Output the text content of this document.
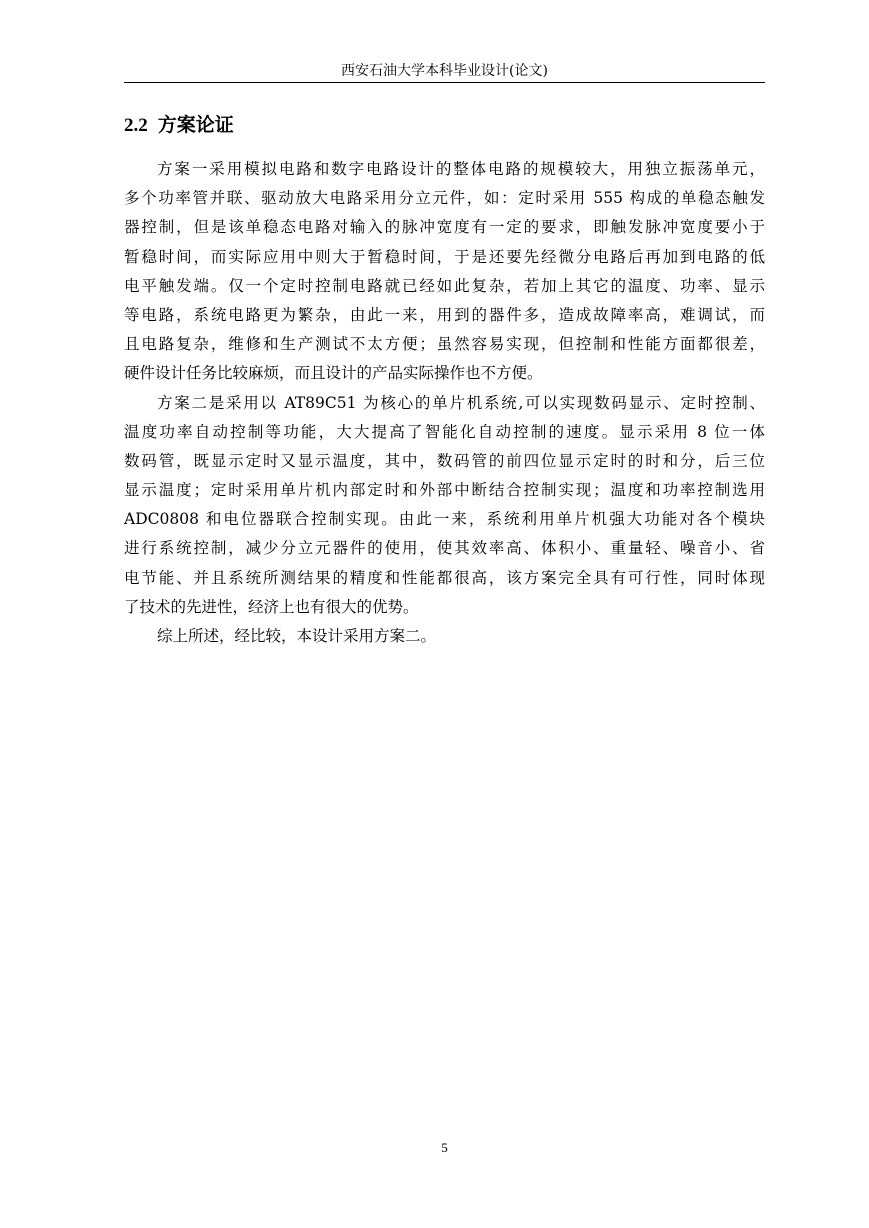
西安石油大学本科毕业设计(论文)
2.2 方案论证
方案一采用模拟电路和数字电路设计的整体电路的规模较大，用独立振荡单元，
多个功率管并联、驱动放大电路采用分立元件，如：定时采用 555 构成的单稳态触发
器控制，但是该单稳态电路对输入的脉冲宽度有一定的要求，即触发脉冲宽度要小于
暂稳时间，而实际应用中则大于暂稳时间，于是还要先经微分电路后再加到电路的低
电平触发端。仅一个定时控制电路就已经如此复杂，若加上其它的温度、功率、显示
等电路，系统电路更为繁杂，由此一来，用到的器件多，造成故障率高，难调试，而
且电路复杂，维修和生产测试不太方便；虽然容易实现，但控制和性能方面都很差，
硬件设计任务比较麻烦，而且设计的产品实际操作也不方便。
方案二是采用以 AT89C51 为核心的单片机系统,可以实现数码显示、定时控制、
温度功率自动控制等功能，大大提高了智能化自动控制的速度。显示采用 8 位一体
数码管，既显示定时又显示温度，其中，数码管的前四位显示定时的时和分，后三位
显示温度；定时采用单片机内部定时和外部中断结合控制实现；温度和功率控制选用
ADC0808 和电位器联合控制实现。由此一来，系统利用单片机强大功能对各个模块
进行系统控制，减少分立元器件的使用，使其效率高、体积小、重量轻、噪音小、省
电节能、并且系统所测结果的精度和性能都很高，该方案完全具有可行性，同时体现
了技术的先进性，经济上也有很大的优势。
综上所述，经比较，本设计采用方案二。
5
